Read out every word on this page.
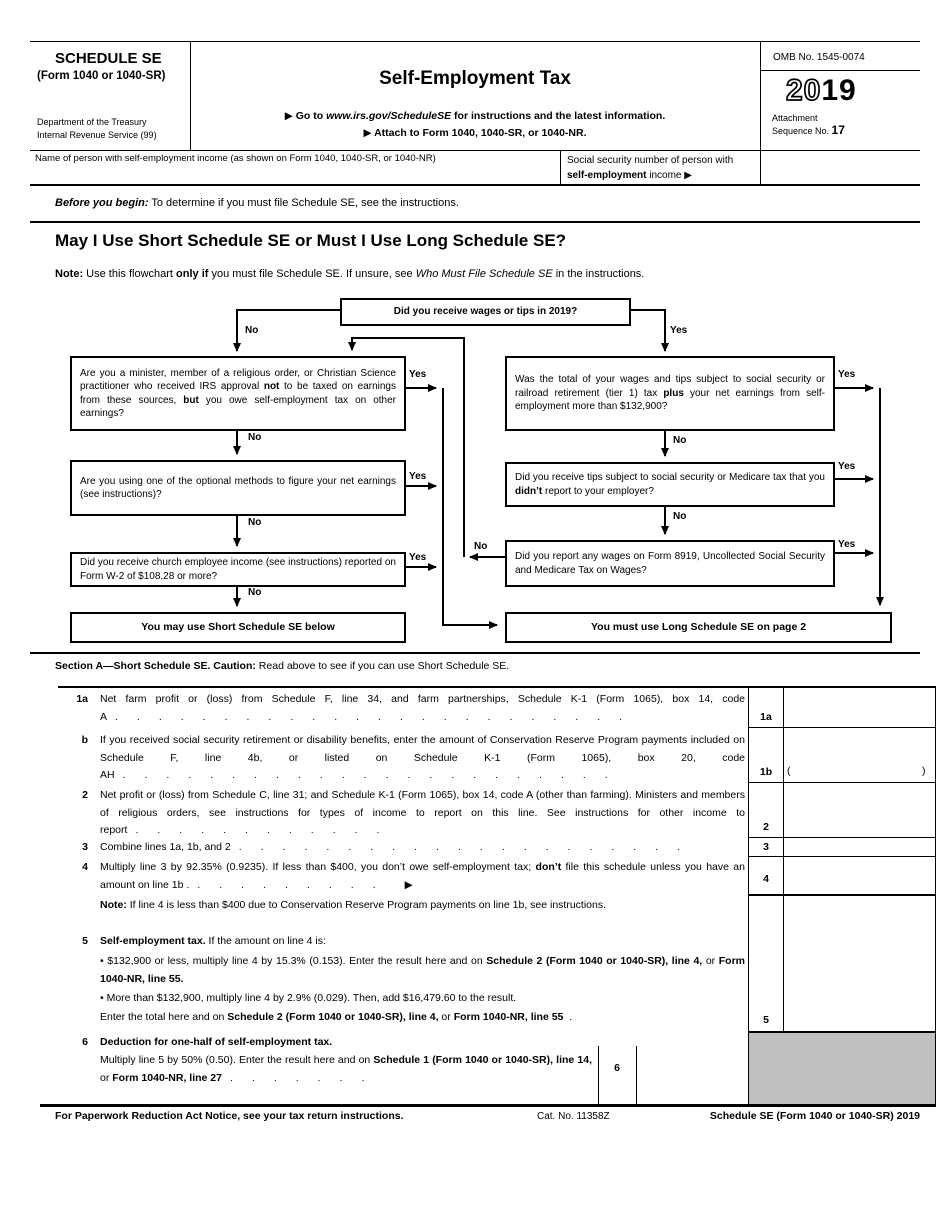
SCHEDULE SE
(Form 1040 or 1040-SR)
Department of the Treasury
Internal Revenue Service (99)
Self-Employment Tax
▶ Go to www.irs.gov/ScheduleSE for instructions and the latest information.
▶ Attach to Form 1040, 1040-SR, or 1040-NR.
OMB No. 1545-0074
2019
Attachment
Sequence No. 17
Name of person with self-employment income (as shown on Form 1040, 1040-SR, or 1040-NR)	Social security number of person with self-employment income ▶
Before you begin: To determine if you must file Schedule SE, see the instructions.
May I Use Short Schedule SE or Must I Use Long Schedule SE?
Note: Use this flowchart only if you must file Schedule SE. If unsure, see Who Must File Schedule SE in the instructions.
Did you receive wages or tips in 2019?
Are you a minister, member of a religious order, or Christian Science practitioner who received IRS approval not to be taxed on earnings from these sources, but you owe self-employment tax on other earnings?
Are you using one of the optional methods to figure your net earnings (see instructions)?
Did you receive church employee income (see instructions) reported on Form W-2 of $108.28 or more?
You may use Short Schedule SE below
Was the total of your wages and tips subject to social security or railroad retirement (tier 1) tax plus your net earnings from self-employment more than $132,900?
Did you receive tips subject to social security or Medicare tax that you didn’t report to your employer?
Did you report any wages on Form 8919, Uncollected Social Security and Medicare Tax on Wages?
You must use Long Schedule SE on page 2
No	Yes
Yes
No
Yes
No
Yes
No
Yes
No
Yes
No
Yes
No
Section A—Short Schedule SE. Caution: Read above to see if you can use Short Schedule SE.
1a Net farm profit or (loss) from Schedule F, line 34, and farm partnerships, Schedule K-1 (Form 1065), box 14, code A ........................	1a
b If you received social security retirement or disability benefits, enter the amount of Conservation Reserve Program payments included on Schedule F, line 4b, or listed on Schedule K-1 (Form 1065), box 20, code AH .......................	1b	(	)
2 Net profit or (loss) from Schedule C, line 31; and Schedule K-1 (Form 1065), box 14, code A (other than farming). Ministers and members of religious orders, see instructions for types of income to report on this line. See instructions for other income to report ............	2
3 Combine lines 1a, 1b, and 2 .....................	3
4 Multiply line 3 by 92.35% (0.9235). If less than $400, you don’t owe self-employment tax; don’t file this schedule unless you have an amount on line 1b . ......... ▶	4
Note: If line 4 is less than $400 due to Conservation Reserve Program payments on line 1b, see instructions.
5 Self-employment tax. If the amount on line 4 is:
• $132,900 or less, multiply line 4 by 15.3% (0.153). Enter the result here and on Schedule 2 (Form 1040 or 1040-SR), line 4, or Form 1040-NR, line 55.
• More than $132,900, multiply line 4 by 2.9% (0.029). Then, add $16,479.60 to the result.
Enter the total here and on Schedule 2 (Form 1040 or 1040-SR), line 4, or Form 1040-NR, line 55  .	5
6 Deduction for one-half of self-employment tax.
Multiply line 5 by 50% (0.50). Enter the result here and on Schedule 1 (Form 1040 or 1040-SR), line 14, or Form 1040-NR, line 27 .......
6
For Paperwork Reduction Act Notice, see your tax return instructions.	Cat. No. 11358Z	Schedule SE (Form 1040 or 1040-SR) 2019
